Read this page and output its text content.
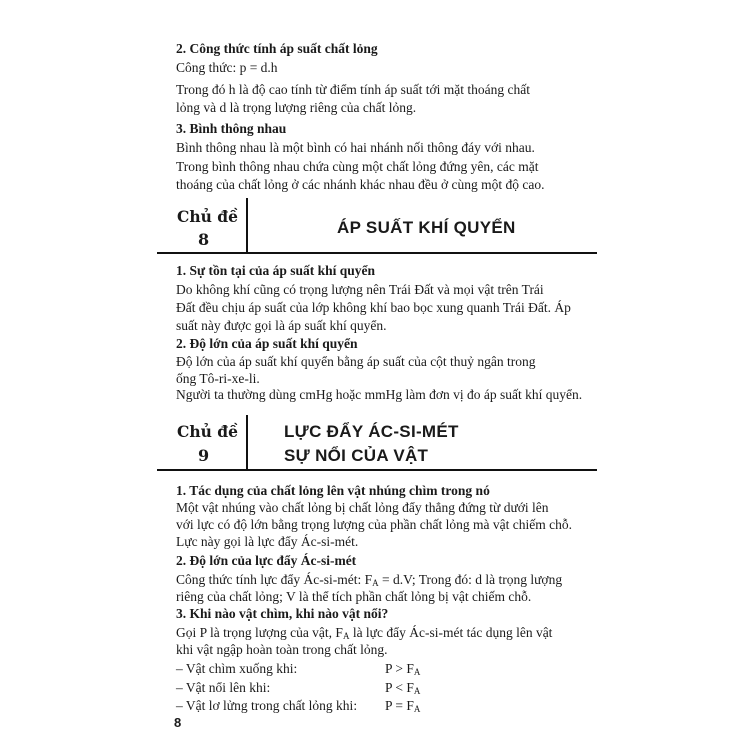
2. Công thức tính áp suất chất lỏng
Công thức: p = d.h
Trong đó h là độ cao tính từ điểm tính áp suất tới mặt thoáng chất
lỏng và d là trọng lượng riêng của chất lỏng.
3. Bình thông nhau
Bình thông nhau là một bình có hai nhánh nối thông đáy với nhau.
Trong bình thông nhau chứa cùng một chất lỏng đứng yên, các mặt
thoáng của chất lỏng ở các nhánh khác nhau đều ở cùng một độ cao.
Chủ đề
8
ÁP SUẤT KHÍ QUYỂN
1. Sự tồn tại của áp suất khí quyển
Do không khí cũng có trọng lượng nên Trái Đất và mọi vật trên Trái
Đất đều chịu áp suất của lớp không khí bao bọc xung quanh Trái Đất. Áp
suất này được gọi là áp suất khí quyển.
2. Độ lớn của áp suất khí quyển
Độ lớn của áp suất khí quyển bằng áp suất của cột thuỷ ngân trong
ống Tô-ri-xe-li.
Người ta thường dùng cmHg hoặc mmHg làm đơn vị đo áp suất khí quyển.
Chủ đề
9
LỰC ĐẨY ÁC-SI-MÉT
SỰ NỔI CỦA VẬT
1. Tác dụng của chất lỏng lên vật nhúng chìm trong nó
Một vật nhúng vào chất lỏng bị chất lỏng đẩy thẳng đứng từ dưới lên
với lực có độ lớn bằng trọng lượng của phần chất lỏng mà vật chiếm chỗ.
Lực này gọi là lực đẩy Ác-si-mét.
2. Độ lớn của lực đẩy Ác-si-mét
Công thức tính lực đẩy Ác-si-mét: $F_A = d.V$; Trong đó: d là trọng lượng
riêng của chất lỏng; V là thể tích phần chất lỏng bị vật chiếm chỗ.
3. Khi nào vật chìm, khi nào vật nổi?
Gọi P là trọng lượng của vật, $F_A$ là lực đẩy Ác-si-mét tác dụng lên vật
khi vật ngập hoàn toàn trong chất lỏng.
– Vật chìm xuống khi:	$P > F_A$
– Vật nổi lên khi:	$P < F_A$
– Vật lơ lửng trong chất lỏng khi: $P = F_A$
8
